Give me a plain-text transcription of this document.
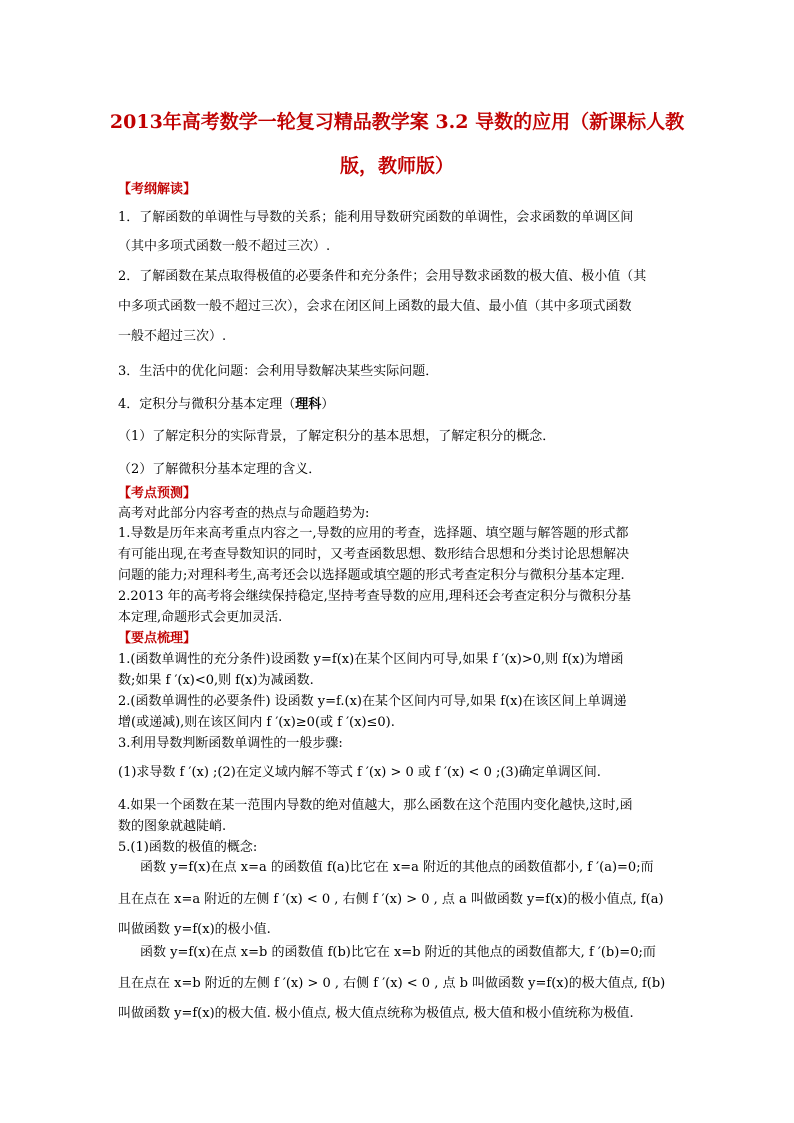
2013年高考数学一轮复习精品教学案 3.2 导数的应用（新课标人教
版，教师版）
【考纲解读】
1．了解函数的单调性与导数的关系；能利用导数研究函数的单调性，会求函数的单调区间
（其中多项式函数一般不超过三次）.
2．了解函数在某点取得极值的必要条件和充分条件；会用导数求函数的极大值、极小值（其
中多项式函数一般不超过三次），会求在闭区间上函数的最大值、最小值（其中多项式函数
一般不超过三次）.
3．生活中的优化问题：会利用导数解决某些实际问题．
4．定积分与微积分基本定理（理科）
（1）了解定积分的实际背景，了解定积分的基本思想，了解定积分的概念．
（2）了解微积分基本定理的含义．
【考点预测】
高考对此部分内容考查的热点与命题趋势为:
1.导数是历年来高考重点内容之一,导数的应用的考查，选择题、填空题与解答题的形式都
有可能出现,在考查导数知识的同时，又考查函数思想、数形结合思想和分类讨论思想解决
问题的能力;对理科考生,高考还会以选择题或填空题的形式考查定积分与微积分基本定理.
2.2013 年的高考将会继续保持稳定,坚持考查导数的应用,理科还会考查定积分与微积分基
本定理,命题形式会更加灵活.
【要点梳理】
1.(函数单调性的充分条件)设函数 y=f(x)在某个区间内可导,如果 f ′(x)>0,则 f(x)为增函
数;如果 f ′(x)<0,则 f(x)为减函数.
2.(函数单调性的必要条件) 设函数 y=f.(x)在某个区间内可导,如果 f(x)在该区间上单调递
增(或递减),则在该区间内 f ′(x)≥0(或 f ′(x)≤0).
3.利用导数判断函数单调性的一般步骤:
(1)求导数 f ′(x) ;(2)在定义域内解不等式 f ′(x) > 0 或 f ′(x) < 0 ;(3)确定单调区间.
4.如果一个函数在某一范围内导数的绝对值越大，那么函数在这个范围内变化越快,这时,函
数的图象就越陡峭.
5.(1)函数的极值的概念:
函数 y=f(x)在点 x=a 的函数值 f(a)比它在 x=a 附近的其他点的函数值都小, f ′(a)=0;而
且在点在 x=a 附近的左侧 f ′(x) < 0 , 右侧 f ′(x) > 0 , 点 a 叫做函数 y=f(x)的极小值点, f(a)
叫做函数 y=f(x)的极小值.
函数 y=f(x)在点 x=b 的函数值 f(b)比它在 x=b 附近的其他点的函数值都大, f ′(b)=0;而
且在点在 x=b 附近的左侧 f ′(x) > 0 , 右侧 f ′(x) < 0 , 点 b 叫做函数 y=f(x)的极大值点, f(b)
叫做函数 y=f(x)的极大值. 极小值点, 极大值点统称为极值点, 极大值和极小值统称为极值.
